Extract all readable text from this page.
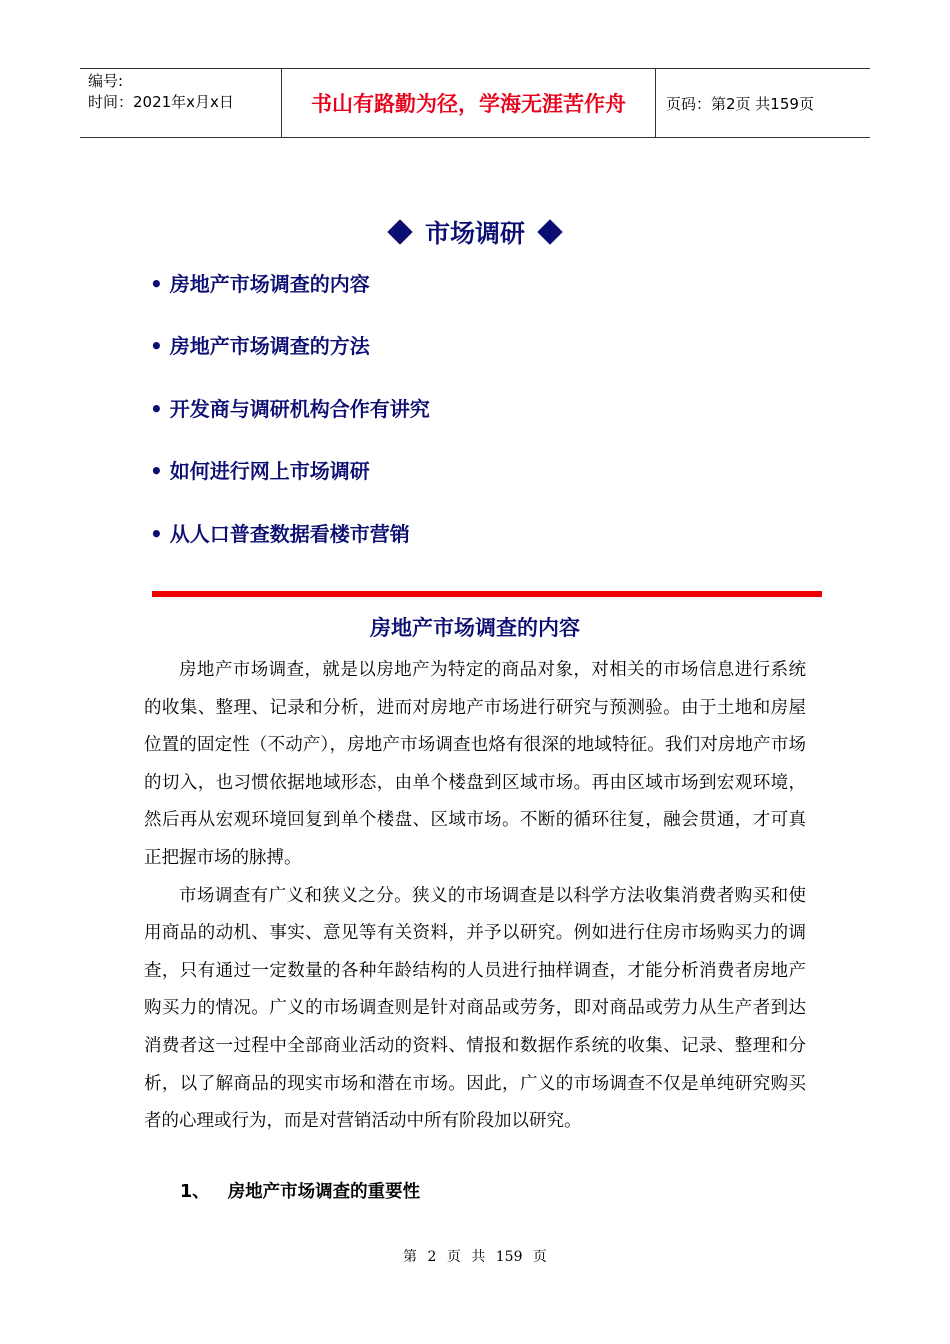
编号:
时间：2021年x月x日	书山有路勤为径，学海无涯苦作舟	页码：第2页 共159页
市场调研
• 房地产市场调查的内容
• 房地产市场调查的方法
• 开发商与调研机构合作有讲究
• 如何进行网上市场调研
• 从人口普查数据看楼市营销
房地产市场调查的内容

房地产市场调查，就是以房地产为特定的商品对象，对相关的市场信息进行系统的收集、整理、记录和分析，进而对房地产市场进行研究与预测验。由于土地和房屋位置的固定性（不动产），房地产市场调查也烙有很深的地域特征。我们对房地产市场的切入，也习惯依据地域形态，由单个楼盘到区域市场。再由区域市场到宏观环境，然后再从宏观环境回复到单个楼盘、区域市场。不断的循环往复，融会贯通，才可真正把握市场的脉搏。

市场调查有广义和狭义之分。狭义的市场调查是以科学方法收集消费者购买和使用商品的动机、事实、意见等有关资料，并予以研究。例如进行住房市场购买力的调查，只有通过一定数量的各种年龄结构的人员进行抽样调查，才能分析消费者房地产购买力的情况。广义的市场调查则是针对商品或劳务，即对商品或劳力从生产者到达消费者这一过程中全部商业活动的资料、情报和数据作系统的收集、记录、整理和分析，以了解商品的现实市场和潜在市场。因此，广义的市场调查不仅是单纯研究购买者的心理或行为，而是对营销活动中所有阶段加以研究。

1、 房地产市场调查的重要性
第 2 页 共 159 页
